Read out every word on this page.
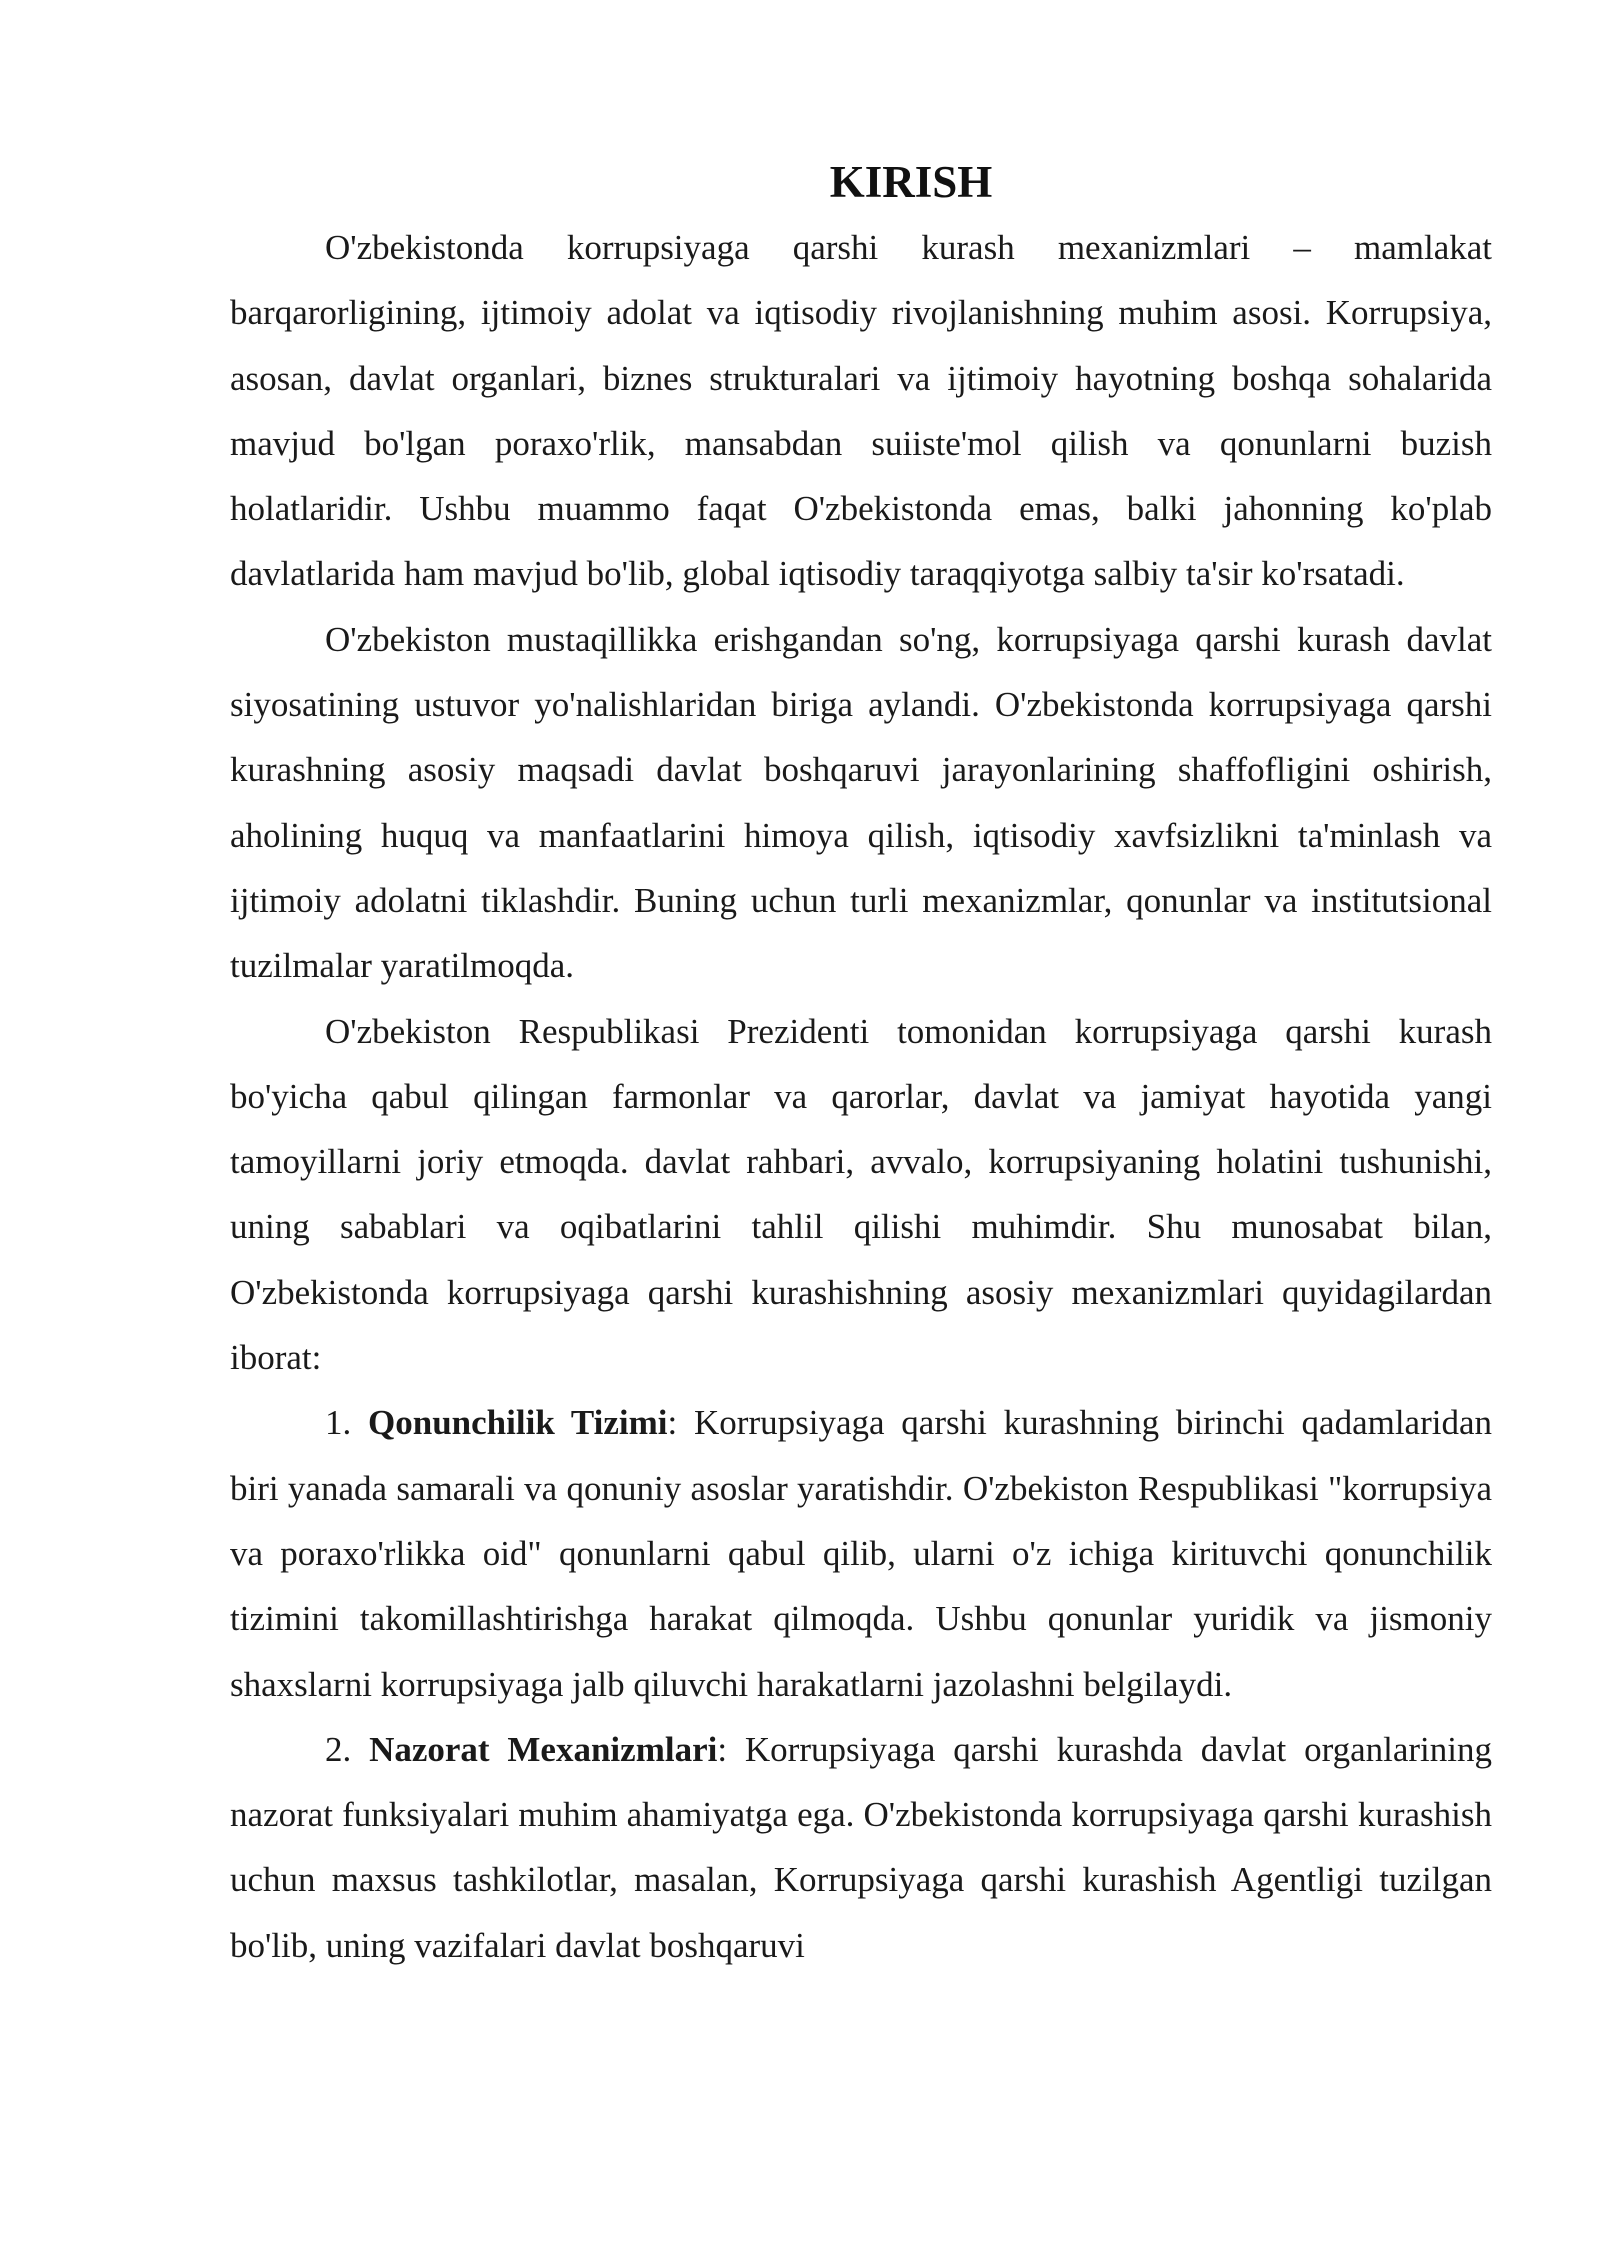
KIRISH

O'zbekistonda korrupsiyaga qarshi kurash mexanizmlari – mamlakat barqarorligining, ijtimoiy adolat va iqtisodiy rivojlanishning muhim asosi. Korrupsiya, asosan, davlat organlari, biznes strukturalari va ijtimoiy hayotning boshqa sohalarida mavjud bo'lgan poraxo'rlik, mansabdan suiiste'mol qilish va qonunlarni buzish holatlaridir. Ushbu muammo faqat O'zbekistonda emas, balki jahonning ko'plab davlatlarida ham mavjud bo'lib, global iqtisodiy taraqqiyotga salbiy ta'sir ko'rsatadi.

O'zbekiston mustaqillikka erishgandan so'ng, korrupsiyaga qarshi kurash davlat siyosatining ustuvor yo'nalishlaridan biriga aylandi. O'zbekistonda korrupsiyaga qarshi kurashning asosiy maqsadi davlat boshqaruvi jarayonlarining shaffofligini oshirish, aholining huquq va manfaatlarini himoya qilish, iqtisodiy xavfsizlikni ta'minlash va ijtimoiy adolatni tiklashdir. Buning uchun turli mexanizmlar, qonunlar va institutsional tuzilmalar yaratilmoqda.

O'zbekiston Respublikasi Prezidenti tomonidan korrupsiyaga qarshi kurash bo'yicha qabul qilingan farmonlar va qarorlar, davlat va jamiyat hayotida yangi tamoyillarni joriy etmoqda. davlat rahbari, avvalo, korrupsiyaning holatini tushunishi, uning sabablari va oqibatlarini tahlil qilishi muhimdir. Shu munosabat bilan, O'zbekistonda korrupsiyaga qarshi kurashishning asosiy mexanizmlari quyidagilardan iborat:

1. Qonunchilik Tizimi: Korrupsiyaga qarshi kurashning birinchi qadamlaridan biri yanada samarali va qonuniy asoslar yaratishdir. O'zbekiston Respublikasi "korrupsiya va poraxo'rlikka oid" qonunlarni qabul qilib, ularni o'z ichiga kirituvchi qonunchilik tizimini takomillashtirishga harakat qilmoqda. Ushbu qonunlar yuridik va jismoniy shaxslarni korrupsiyaga jalb qiluvchi harakatlarni jazolashni belgilaydi.

2. Nazorat Mexanizmlari: Korrupsiyaga qarshi kurashda davlat organlarining nazorat funksiyalari muhim ahamiyatga ega. O'zbekistonda korrupsiyaga qarshi kurashish uchun maxsus tashkilotlar, masalan, Korrupsiyaga qarshi kurashish Agentligi tuzilgan bo'lib, uning vazifalari davlat boshqaruvi
